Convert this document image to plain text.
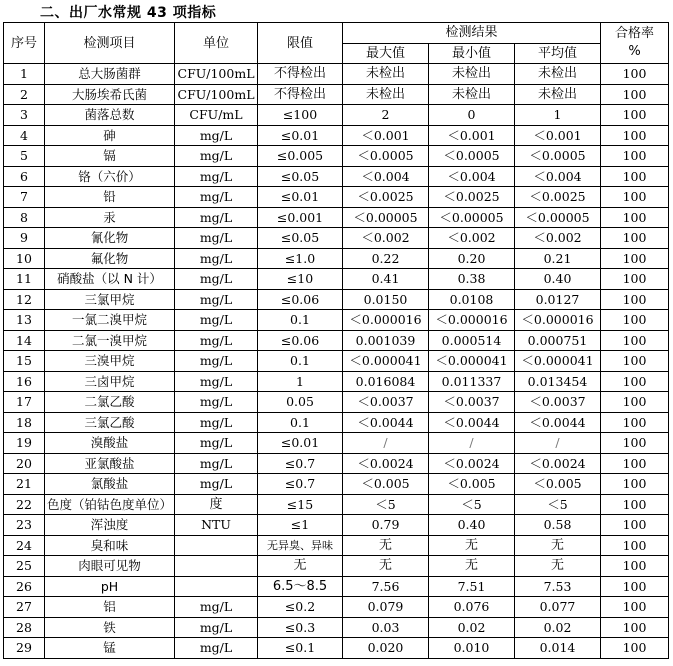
二、出厂水常规 43 项指标
序号	检测项目	单位	限值	检测结果			合格率
%

				最大值	最小值	平均值	
1	总大肠菌群	CFU/100mL	不得检出	未检出	未检出	未检出	100
2	大肠埃希氏菌	CFU/100mL	不得检出	未检出	未检出	未检出	100
3	菌落总数	CFU/mL	≤100	2	0	1	100
4	砷	mg/L	≤0.01	＜0.001	＜0.001	＜0.001	100
5	镉	mg/L	≤0.005	＜0.0005	＜0.0005	＜0.0005	100
6	铬（六价）	mg/L	≤0.05	＜0.004	＜0.004	＜0.004	100
7	铅	mg/L	≤0.01	＜0.0025	＜0.0025	＜0.0025	100
8	汞	mg/L	≤0.001	＜0.00005	＜0.00005	＜0.00005	100
9	氰化物	mg/L	≤0.05	＜0.002	＜0.002	＜0.002	100
10	氟化物	mg/L	≤1.0	0.22	0.20	0.21	100
11	硝酸盐（以 N 计）	mg/L	≤10	0.41	0.38	0.40	100
12	三氯甲烷	mg/L	≤0.06	0.0150	0.0108	0.0127	100
13	一氯二溴甲烷	mg/L	0.1	＜0.000016	＜0.000016	＜0.000016	100
14	二氯一溴甲烷	mg/L	≤0.06	0.001039	0.000514	0.000751	100
15	三溴甲烷	mg/L	0.1	＜0.000041	＜0.000041	＜0.000041	100
16	三卤甲烷	mg/L	1	0.016084	0.011337	0.013454	100
17	二氯乙酸	mg/L	0.05	＜0.0037	＜0.0037	＜0.0037	100
18	三氯乙酸	mg/L	0.1	＜0.0044	＜0.0044	＜0.0044	100
19	溴酸盐	mg/L	≤0.01	/	/	/	100
20	亚氯酸盐	mg/L	≤0.7	＜0.0024	＜0.0024	＜0.0024	100
21	氯酸盐	mg/L	≤0.7	＜0.005	＜0.005	＜0.005	100
22	色度（铂钴色度单位）	度	≤15	＜5	＜5	＜5	100
23	浑浊度	NTU	≤1	0.79	0.40	0.58	100
24	臭和味		无异臭、异味	无	无	无	100
25	肉眼可见物		无	无	无	无	100
26	pH		6.5～8.5	7.56	7.51	7.53	100
27	铝	mg/L	≤0.2	0.079	0.076	0.077	100
28	铁	mg/L	≤0.3	0.03	0.02	0.02	100
29	锰	mg/L	≤0.1	0.020	0.010	0.014	100
